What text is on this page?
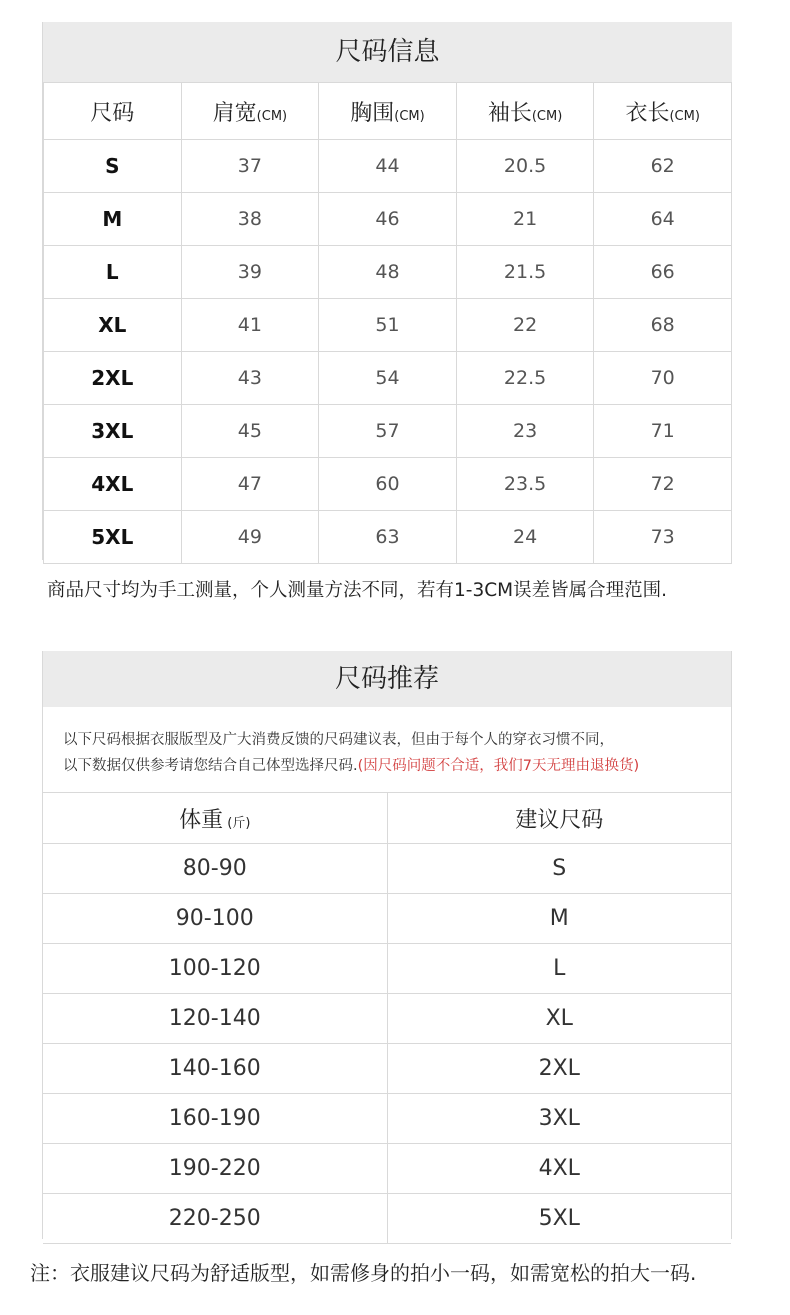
尺码信息
尺码	肩宽(CM)	胸围(CM)	袖长(CM)	衣长(CM)
S	37	44	20.5	62
M	38	46	21	64
L	39	48	21.5	66
XL	41	51	22	68
2XL	43	54	22.5	70
3XL	45	57	23	71
4XL	47	60	23.5	72
5XL	49	63	24	73
商品尺寸均为手工测量，个人测量方法不同，若有1-3CM误差皆属合理范围.
尺码推荐
以下尺码根据衣服版型及广大消费反馈的尺码建议表，但由于每个人的穿衣习惯不同，
以下数据仅供参考请您结合自己体型选择尺码.(因尺码问题不合适，我们7天无理由退换货)
体重 (斤)	建议尺码
80-90	S
90-100	M
100-120	L
120-140	XL
140-160	2XL
160-190	3XL
190-220	4XL
220-250	5XL
注：衣服建议尺码为舒适版型，如需修身的拍小一码，如需宽松的拍大一码.
